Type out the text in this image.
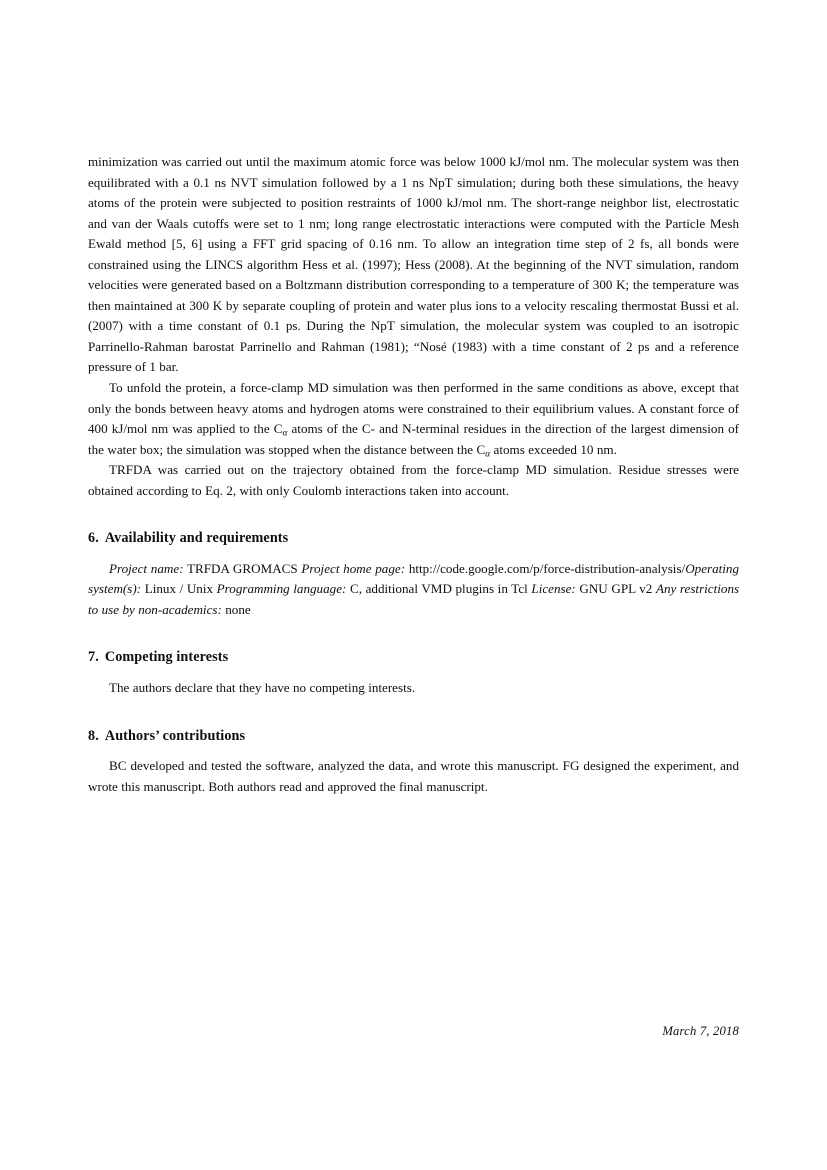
minimization was carried out until the maximum atomic force was below 1000 kJ/mol nm. The molecular system was then equilibrated with a 0.1 ns NVT simulation followed by a 1 ns NpT simulation; during both these simulations, the heavy atoms of the protein were subjected to position restraints of 1000 kJ/mol nm. The short-range neighbor list, electrostatic and van der Waals cutoffs were set to 1 nm; long range electrostatic interactions were computed with the Particle Mesh Ewald method [5, 6] using a FFT grid spacing of 0.16 nm. To allow an integration time step of 2 fs, all bonds were constrained using the LINCS algorithm Hess et al. (1997); Hess (2008). At the beginning of the NVT simulation, random velocities were generated based on a Boltzmann distribution corresponding to a temperature of 300 K; the temperature was then maintained at 300 K by separate coupling of protein and water plus ions to a velocity rescaling thermostat Bussi et al. (2007) with a time constant of 0.1 ps. During the NpT simulation, the molecular system was coupled to an isotropic Parrinello-Rahman barostat Parrinello and Rahman (1981); “Nosé (1983) with a time constant of 2 ps and a reference pressure of 1 bar.

To unfold the protein, a force-clamp MD simulation was then performed in the same conditions as above, except that only the bonds between heavy atoms and hydrogen atoms were constrained to their equilibrium values. A constant force of 400 kJ/mol nm was applied to the $C_\alpha$ atoms of the C- and N-terminal residues in the direction of the largest dimension of the water box; the simulation was stopped when the distance between the $C_\alpha$ atoms exceeded 10 nm.

TRFDA was carried out on the trajectory obtained from the force-clamp MD simulation. Residue stresses were obtained according to Eq. 2, with only Coulomb interactions taken into account.

6. Availability and requirements

Project name: TRFDA GROMACS Project home page: http://code.google.com/p/force-distribution-analysis/Operating system(s): Linux / Unix Programming language: C, additional VMD plugins in Tcl License: GNU GPL v2 Any restrictions to use by non-academics: none

7. Competing interests

The authors declare that they have no competing interests.

8. Authors’ contributions

BC developed and tested the software, analyzed the data, and wrote this manuscript. FG designed the experiment, and wrote this manuscript. Both authors read and approved the final manuscript.

March 7, 2018
